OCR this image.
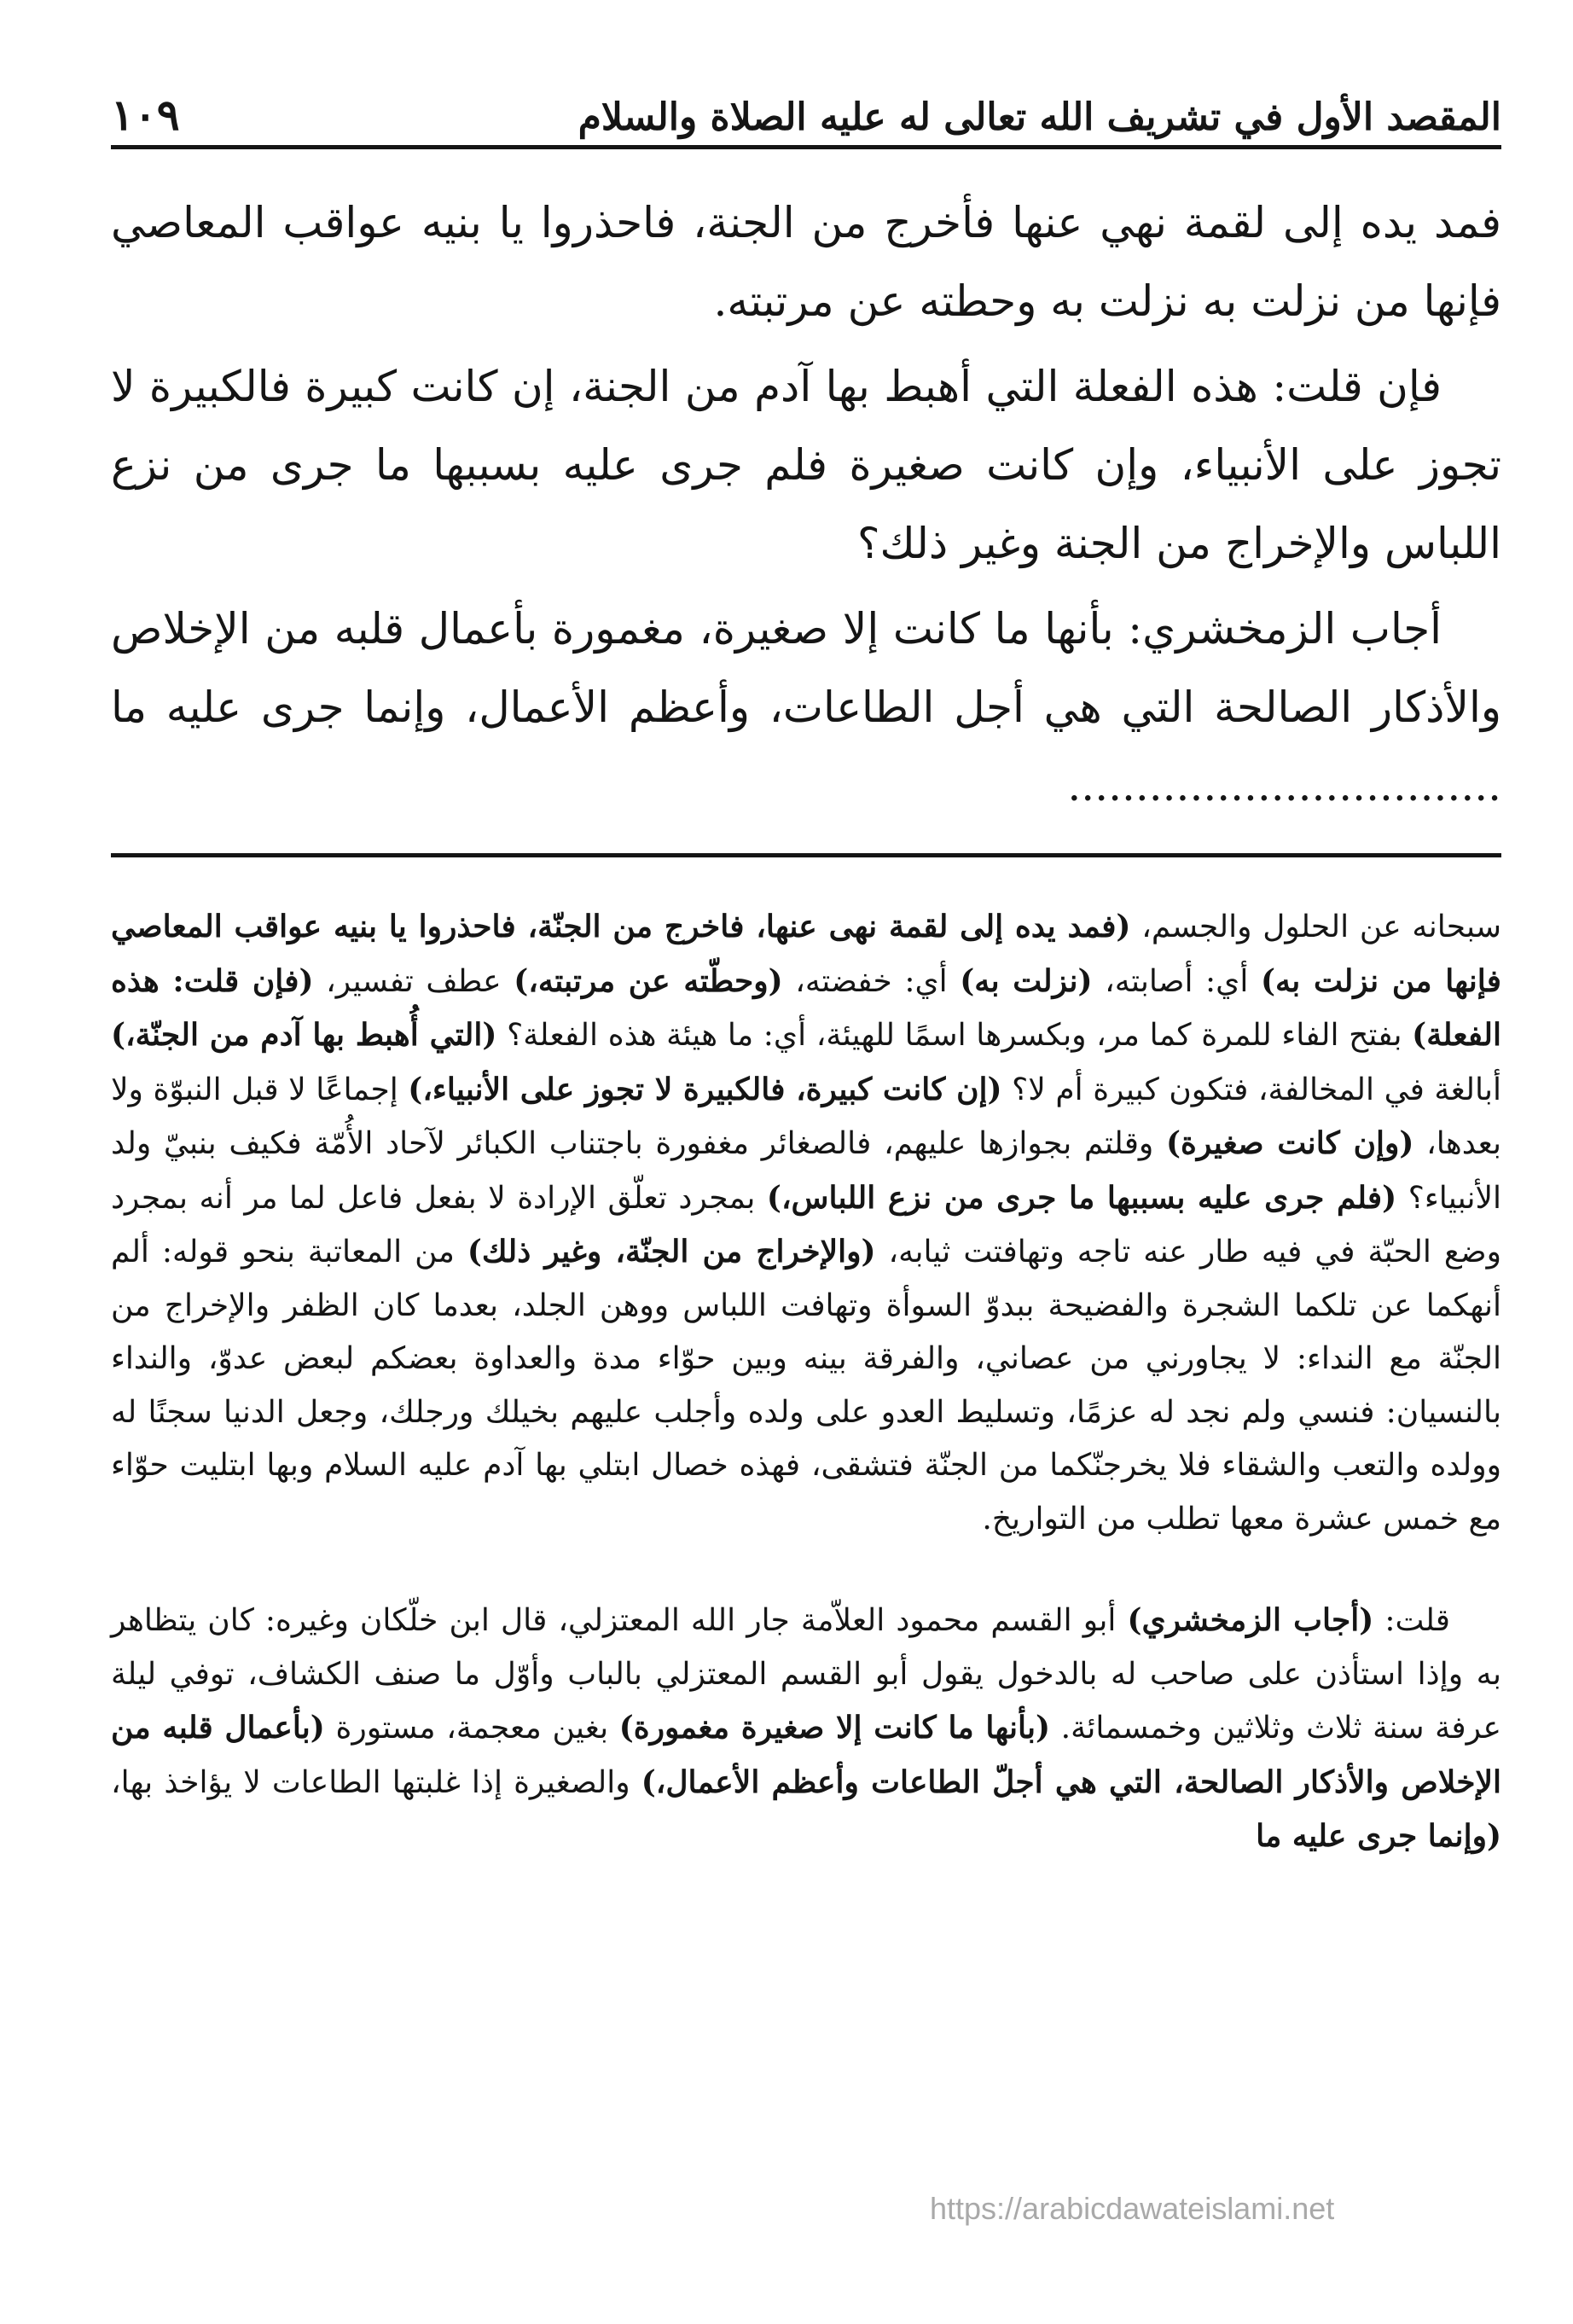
المقصد الأول في تشريف الله تعالى له عليه الصلاة والسلام
١٠٩

فمد يده إلى لقمة نهي عنها فأخرج من الجنة، فاحذروا يا بنيه عواقب المعاصي فإنها من نزلت به نزلت به وحطته عن مرتبته.

فإن قلت: هذه الفعلة التي أهبط بها آدم من الجنة، إن كانت كبيرة فالكبيرة لا تجوز على الأنبياء، وإن كانت صغيرة فلم جرى عليه بسببها ما جرى من نزع اللباس والإخراج من الجنة وغير ذلك؟

أجاب الزمخشري: بأنها ما كانت إلا صغيرة، مغمورة بأعمال قلبه من الإخلاص والأذكار الصالحة التي هي أجل الطاعات، وأعظم الأعمال، وإنما جرى عليه ما ................................

سبحانه عن الحلول والجسم، (فمد يده إلى لقمة نهى عنها، فاخرج من الجنّة، فاحذروا يا بنيه عواقب المعاصي فإنها من نزلت به) أي: أصابته، (نزلت به) أي: خفضته، (وحطّته عن مرتبته،) عطف تفسير، (فإن قلت: هذه الفعلة) بفتح الفاء للمرة كما مر، وبكسرها اسمًا للهيئة، أي: ما هيئة هذه الفعلة؟ (التي أُهبط بها آدم من الجنّة،) أبالغة في المخالفة، فتكون كبيرة أم لا؟ (إن كانت كبيرة، فالكبيرة لا تجوز على الأنبياء،) إجماعًا لا قبل النبوّة ولا بعدها، (وإن كانت صغيرة) وقلتم بجوازها عليهم، فالصغائر مغفورة باجتناب الكبائر لآحاد الأُمّة فكيف بنبيّ ولد الأنبياء؟ (فلم جرى عليه بسببها ما جرى من نزع اللباس،) بمجرد تعلّق الإرادة لا بفعل فاعل لما مر أنه بمجرد وضع الحبّة في فيه طار عنه تاجه وتهافتت ثيابه، (والإخراج من الجنّة، وغير ذلك) من المعاتبة بنحو قوله: ألم أنهكما عن تلكما الشجرة والفضيحة ببدوّ السوأة وتهافت اللباس ووهن الجلد، بعدما كان الظفر والإخراج من الجنّة مع النداء: لا يجاورني من عصاني، والفرقة بينه وبين حوّاء مدة والعداوة بعضكم لبعض عدوّ، والنداء بالنسيان: فنسي ولم نجد له عزمًا، وتسليط العدو على ولده وأجلب عليهم بخيلك ورجلك، وجعل الدنيا سجنًا له وولده والتعب والشقاء فلا يخرجنّكما من الجنّة فتشقى، فهذه خصال ابتلي بها آدم عليه السلام وبها ابتليت حوّاء مع خمس عشرة معها تطلب من التواريخ.

قلت: (أجاب الزمخشري) أبو القسم محمود العلاّمة جار الله المعتزلي، قال ابن خلّكان وغيره: كان يتظاهر به وإذا استأذن على صاحب له بالدخول يقول أبو القسم المعتزلي بالباب وأوّل ما صنف الكشاف، توفي ليلة عرفة سنة ثلاث وثلاثين وخمسمائة. (بأنها ما كانت إلا صغيرة مغمورة) بغين معجمة، مستورة (بأعمال قلبه من الإخلاص والأذكار الصالحة، التي هي أجلّ الطاعات وأعظم الأعمال،) والصغيرة إذا غلبتها الطاعات لا يؤاخذ بها، (وإنما جرى عليه ما

https://arabicdawateislami.net
